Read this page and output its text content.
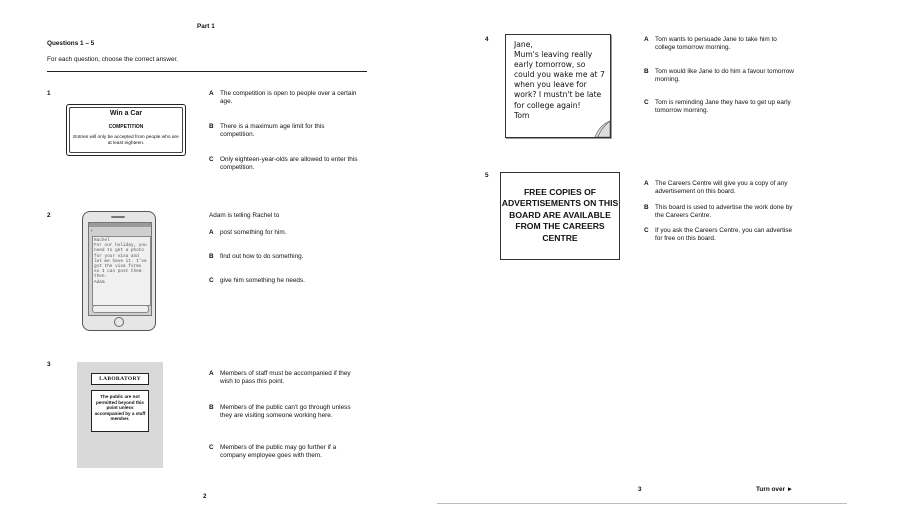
Part 1
Questions 1 – 5
For each question, choose the correct answer.
1
Win a Car
COMPETITION
Entries will only be accepted from people who are at least eighteen.
A The competition is open to people over a certain age.
B There is a maximum age limit for this competition.
C Only eighteen-year-olds are allowed to enter this competition.
2
‹
Rachel
For our holiday, you need to get a photo for your visa and let me have it. I've got the visa forms so I can post them then.
Adam
Adam is telling Rachel to
A post something for him.
B find out how to do something.
C give him something he needs.
3
LABORATORY
The public are not permitted beyond this point unless accompanied by a staff member.
A Members of staff must be accompanied if they wish to pass this point.
B Members of the public can't go through unless they are visiting someone working here.
C Members of the public may go further if a company employee goes with them.
2
4
Jane,
Mum's leaving really early tomorrow, so could you wake me at 7 when you leave for work? I mustn't be late for college again!
Tom
A Tom wants to persuade Jane to take him to college tomorrow morning.
B Tom would like Jane to do him a favour tomorrow morning.
C Tom is reminding Jane they have to get up early tomorrow morning.
5
FREE COPIES OF ADVERTISEMENTS ON THIS BOARD ARE AVAILABLE FROM THE CAREERS CENTRE
A The Careers Centre will give you a copy of any advertisement on this board.
B This board is used to advertise the work done by the Careers Centre.
C If you ask the Careers Centre, you can advertise for free on this board.
3	Turn over ►
